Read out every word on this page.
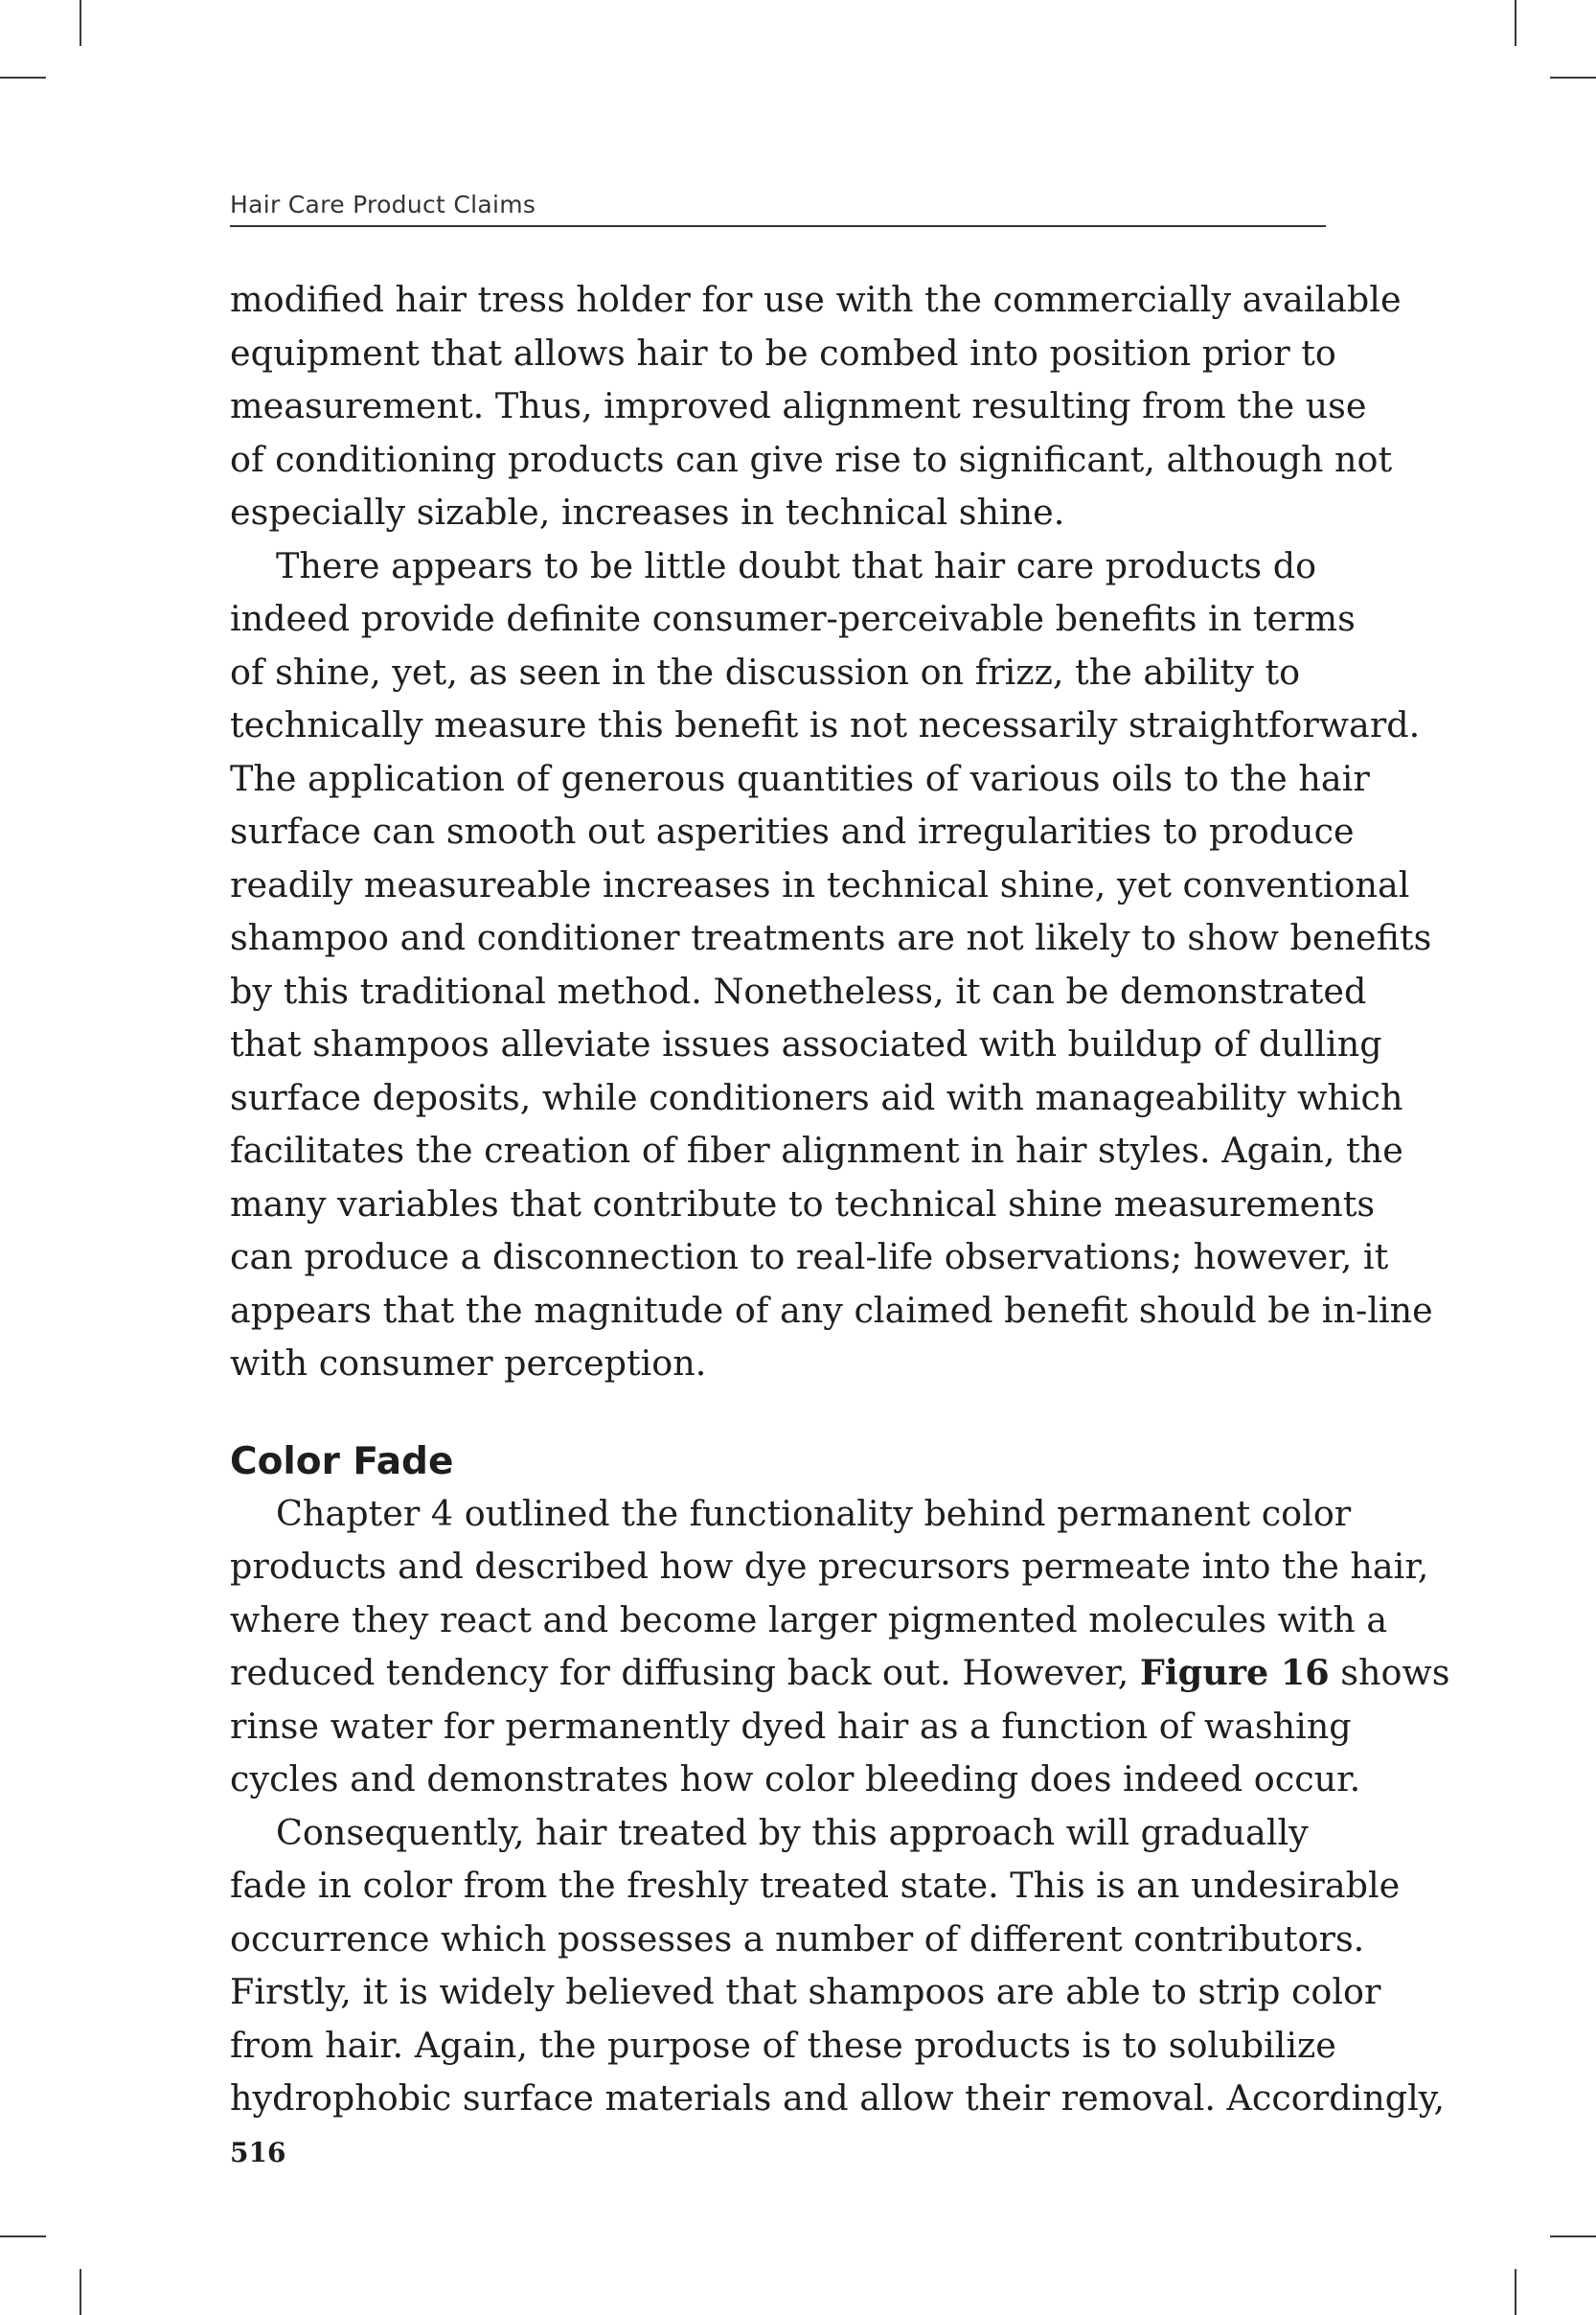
Hair Care Product Claims

modified hair tress holder for use with the commercially available
equipment that allows hair to be combed into position prior to
measurement. Thus, improved alignment resulting from the use
of conditioning products can give rise to significant, although not
especially sizable, increases in technical shine.

There appears to be little doubt that hair care products do
indeed provide definite consumer-perceivable benefits in terms
of shine, yet, as seen in the discussion on frizz, the ability to
technically measure this benefit is not necessarily straightforward.
The application of generous quantities of various oils to the hair
surface can smooth out asperities and irregularities to produce
readily measureable increases in technical shine, yet conventional
shampoo and conditioner treatments are not likely to show benefits
by this traditional method. Nonetheless, it can be demonstrated
that shampoos alleviate issues associated with buildup of dulling
surface deposits, while conditioners aid with manageability which
facilitates the creation of fiber alignment in hair styles. Again, the
many variables that contribute to technical shine measurements
can produce a disconnection to real-life observations; however, it
appears that the magnitude of any claimed benefit should be in-line
with consumer perception.

Color Fade

Chapter 4 outlined the functionality behind permanent color
products and described how dye precursors permeate into the hair,
where they react and become larger pigmented molecules with a
reduced tendency for diffusing back out. However, Figure 16 shows
rinse water for permanently dyed hair as a function of washing
cycles and demonstrates how color bleeding does indeed occur.

Consequently, hair treated by this approach will gradually
fade in color from the freshly treated state. This is an undesirable
occurrence which possesses a number of different contributors.
Firstly, it is widely believed that shampoos are able to strip color
from hair. Again, the purpose of these products is to solubilize
hydrophobic surface materials and allow their removal. Accordingly,

516
